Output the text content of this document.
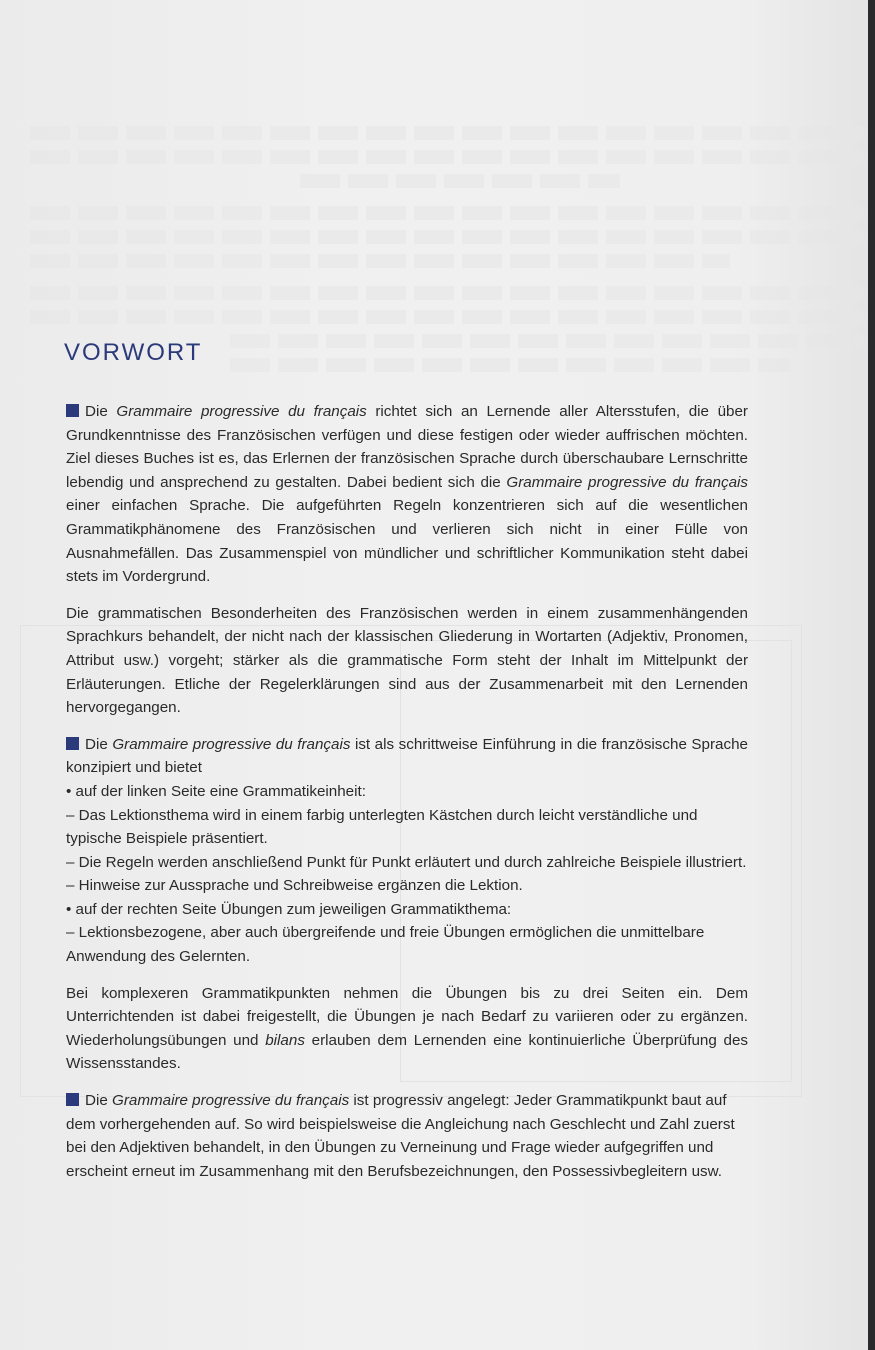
VORWORT

Die Grammaire progressive du français richtet sich an Lernende aller Altersstufen, die über Grundkenntnisse des Französischen verfügen und diese festigen oder wieder auffrischen möchten. Ziel dieses Buches ist es, das Erlernen der französischen Sprache durch überschaubare Lernschritte lebendig und ansprechend zu gestalten. Dabei bedient sich die Grammaire progressive du français einer einfachen Sprache. Die aufgeführten Regeln konzentrieren sich auf die wesentlichen Grammatikphänomene des Französischen und verlieren sich nicht in einer Fülle von Ausnahmefällen. Das Zusammenspiel von mündlicher und schriftlicher Kommunikation steht dabei stets im Vordergrund.

Die grammatischen Besonderheiten des Französischen werden in einem zusammenhängenden Sprachkurs behandelt, der nicht nach der klassischen Gliederung in Wortarten (Adjektiv, Pronomen, Attribut usw.) vorgeht; stärker als die grammatische Form steht der Inhalt im Mittelpunkt der Erläuterungen. Etliche der Regelerklärungen sind aus der Zusammenarbeit mit den Lernenden hervorgegangen.

Die Grammaire progressive du français ist als schrittweise Einführung in die französische Sprache konzipiert und bietet
• auf der linken Seite eine Grammatikeinheit:
– Das Lektionsthema wird in einem farbig unterlegten Kästchen durch leicht verständliche und typische Beispiele präsentiert.
– Die Regeln werden anschließend Punkt für Punkt erläutert und durch zahlreiche Beispiele illustriert.
– Hinweise zur Aussprache und Schreibweise ergänzen die Lektion.
• auf der rechten Seite Übungen zum jeweiligen Grammatikthema:
– Lektionsbezogene, aber auch übergreifende und freie Übungen ermöglichen die unmittelbare Anwendung des Gelernten.

Bei komplexeren Grammatikpunkten nehmen die Übungen bis zu drei Seiten ein. Dem Unterrichtenden ist dabei freigestellt, die Übungen je nach Bedarf zu variieren oder zu ergänzen. Wiederholungsübungen und bilans erlauben dem Lernenden eine kontinuierliche Überprüfung des Wissensstandes.

Die Grammaire progressive du français ist progressiv angelegt: Jeder Grammatikpunkt baut auf dem vorhergehenden auf. So wird beispielsweise die Angleichung nach Geschlecht und Zahl zuerst bei den Adjektiven behandelt, in den Übungen zu Verneinung und Frage wieder aufgegriffen und erscheint erneut im Zusammenhang mit den Berufsbezeichnungen, den Possessivbegleitern usw.
